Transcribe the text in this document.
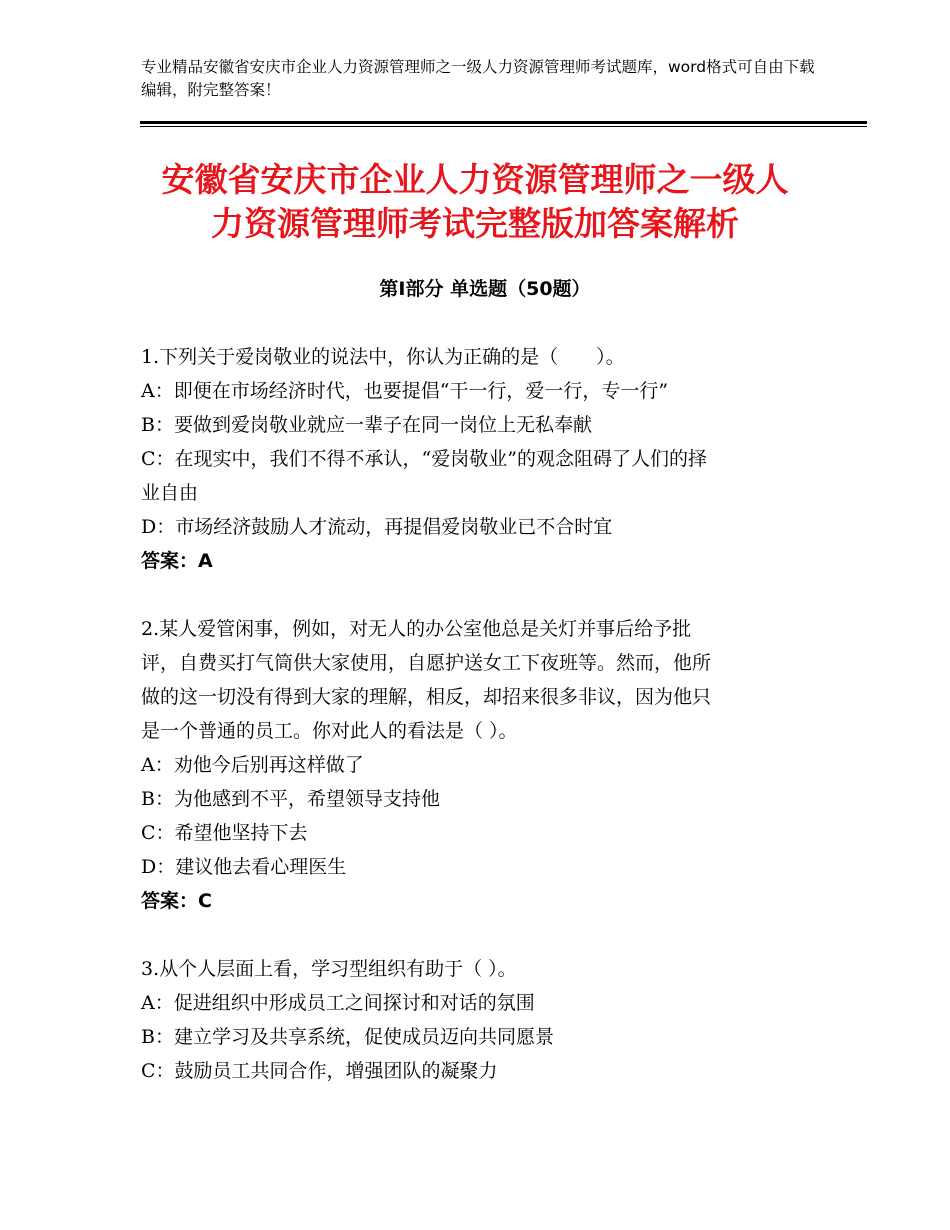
专业精品安徽省安庆市企业人力资源管理师之一级人力资源管理师考试题库，word格式可自由下载编辑，附完整答案！
安徽省安庆市企业人力资源管理师之一级人
力资源管理师考试完整版加答案解析
第Ⅰ部分 单选题（50题）
1.下列关于爱岗敬业的说法中，你认为正确的是（　　）。
A：即便在市场经济时代，也要提倡“干一行，爱一行，专一行”
B：要做到爱岗敬业就应一辈子在同一岗位上无私奉献
C：在现实中，我们不得不承认，“爱岗敬业”的观念阻碍了人们的择
业自由
D：市场经济鼓励人才流动，再提倡爱岗敬业已不合时宜
答案：A
2.某人爱管闲事，例如，对无人的办公室他总是关灯并事后给予批
评，自费买打气筒供大家使用，自愿护送女工下夜班等。然而，他所
做的这一切没有得到大家的理解，相反，却招来很多非议，因为他只
是一个普通的员工。你对此人的看法是（ ）。
A：劝他今后别再这样做了
B：为他感到不平，希望领导支持他
C：希望他坚持下去
D：建议他去看心理医生
答案：C
3.从个人层面上看，学习型组织有助于（ ）。
A：促进组织中形成员工之间探讨和对话的氛围
B：建立学习及共享系统，促使成员迈向共同愿景
C：鼓励员工共同合作，增强团队的凝聚力
